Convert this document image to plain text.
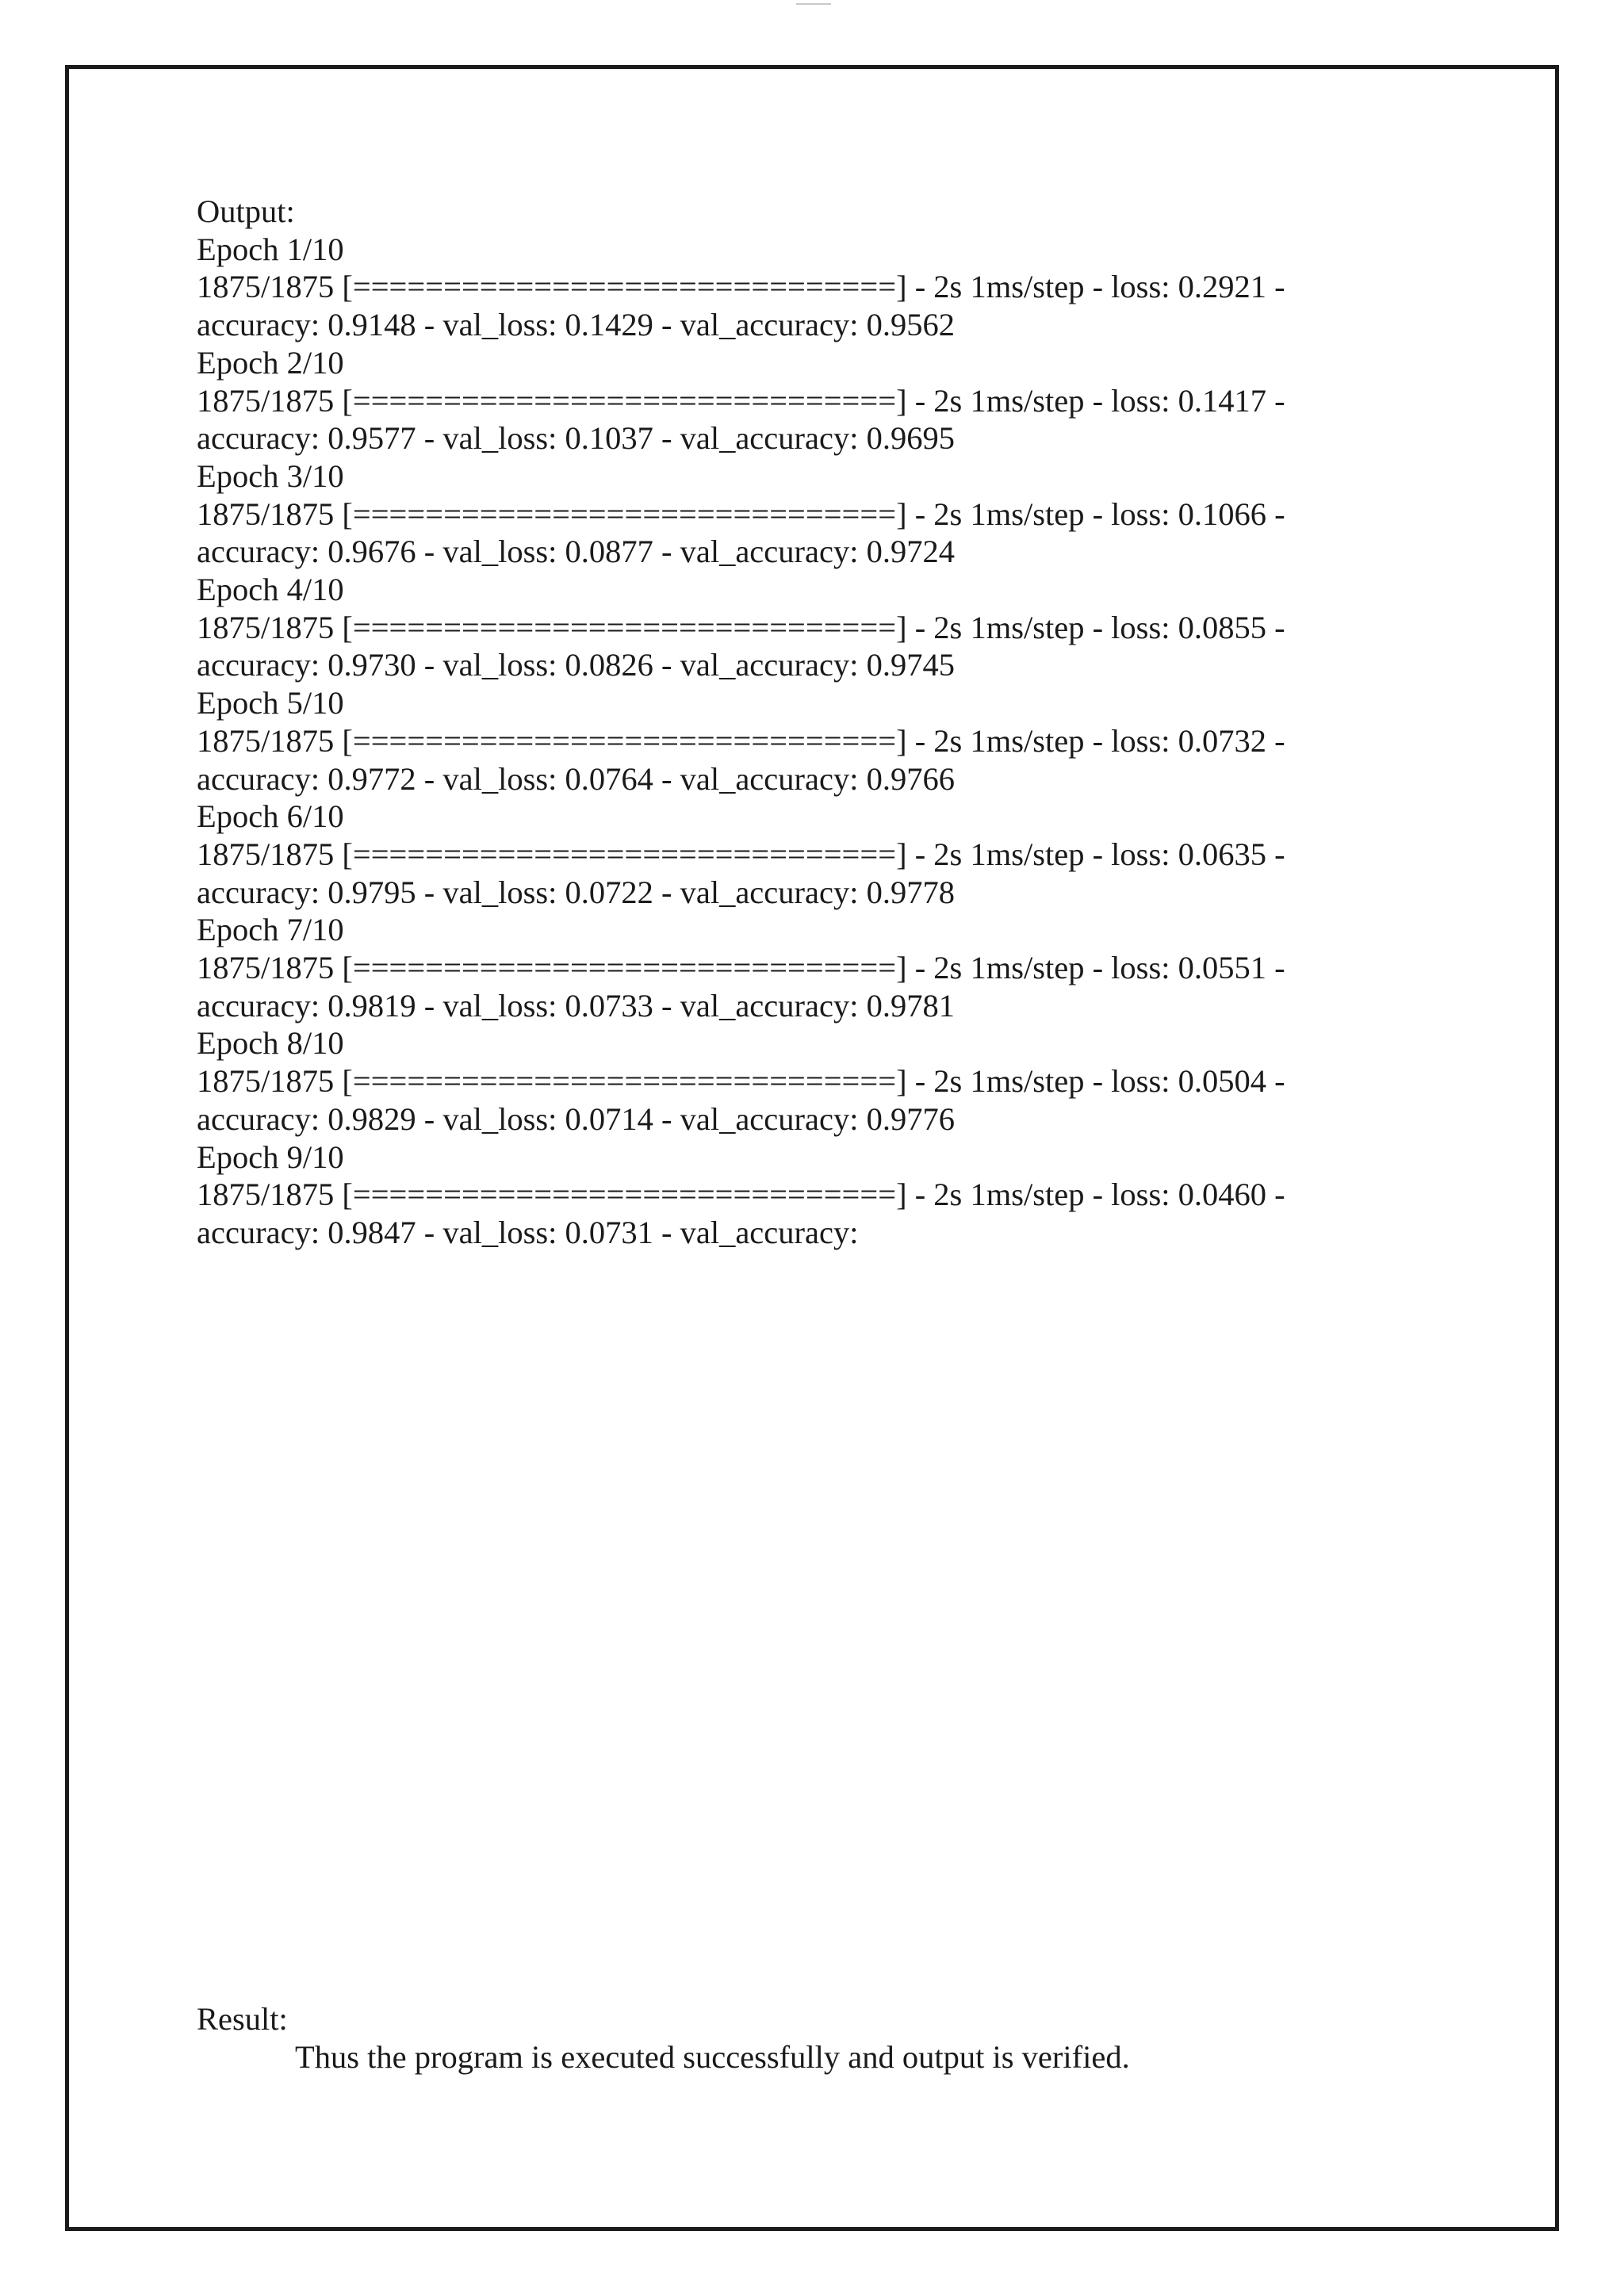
Output:
Epoch 1/10
1875/1875 [==============================] - 2s 1ms/step - loss: 0.2921 -
accuracy: 0.9148 - val_loss: 0.1429 - val_accuracy: 0.9562
Epoch 2/10
1875/1875 [==============================] - 2s 1ms/step - loss: 0.1417 -
accuracy: 0.9577 - val_loss: 0.1037 - val_accuracy: 0.9695
Epoch 3/10
1875/1875 [==============================] - 2s 1ms/step - loss: 0.1066 -
accuracy: 0.9676 - val_loss: 0.0877 - val_accuracy: 0.9724
Epoch 4/10
1875/1875 [==============================] - 2s 1ms/step - loss: 0.0855 -
accuracy: 0.9730 - val_loss: 0.0826 - val_accuracy: 0.9745
Epoch 5/10
1875/1875 [==============================] - 2s 1ms/step - loss: 0.0732 -
accuracy: 0.9772 - val_loss: 0.0764 - val_accuracy: 0.9766
Epoch 6/10
1875/1875 [==============================] - 2s 1ms/step - loss: 0.0635 -
accuracy: 0.9795 - val_loss: 0.0722 - val_accuracy: 0.9778
Epoch 7/10
1875/1875 [==============================] - 2s 1ms/step - loss: 0.0551 -
accuracy: 0.9819 - val_loss: 0.0733 - val_accuracy: 0.9781
Epoch 8/10
1875/1875 [==============================] - 2s 1ms/step - loss: 0.0504 -
accuracy: 0.9829 - val_loss: 0.0714 - val_accuracy: 0.9776
Epoch 9/10
1875/1875 [==============================] - 2s 1ms/step - loss: 0.0460 -
accuracy: 0.9847 - val_loss: 0.0731 - val_accuracy:
Result:
Thus the program is executed successfully and output is verified.
